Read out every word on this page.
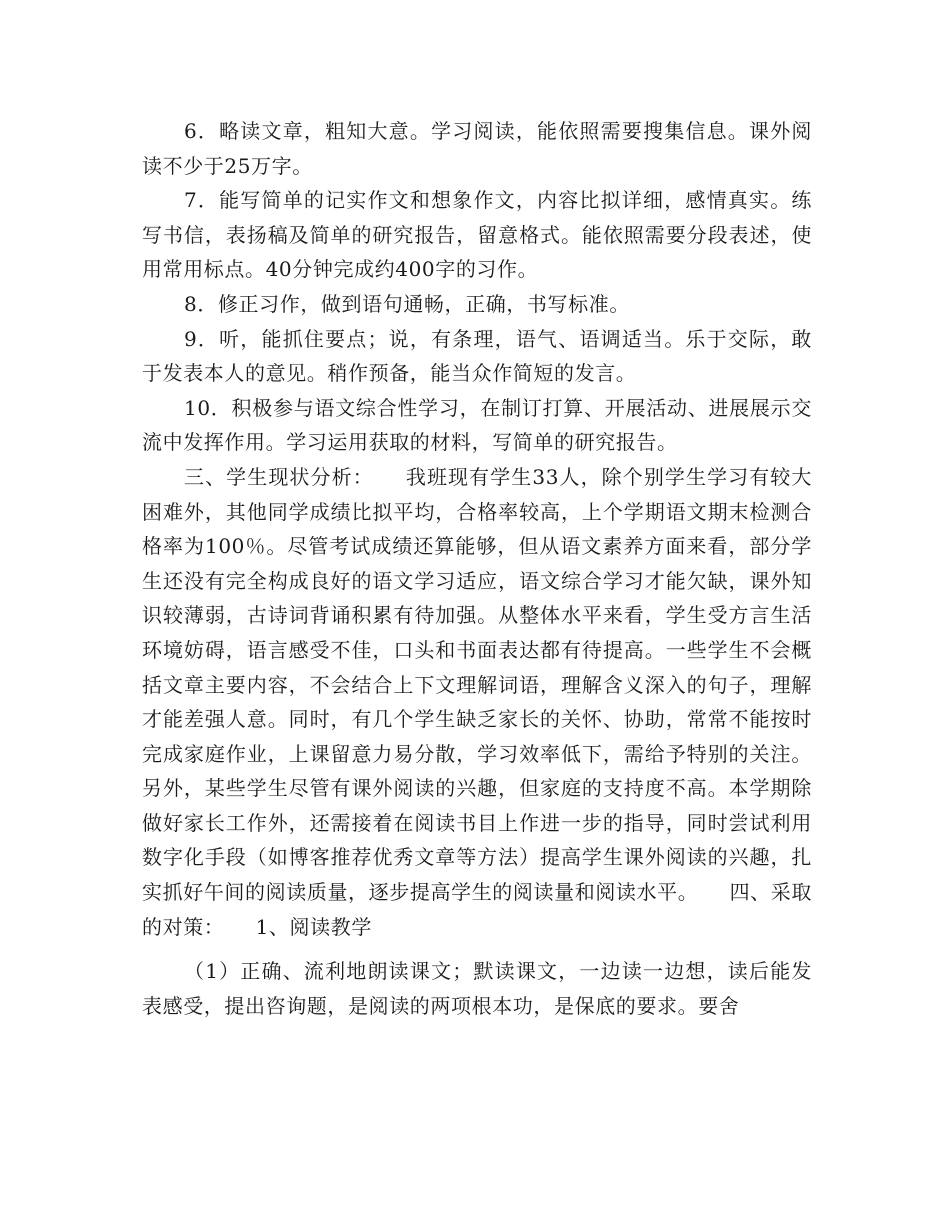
6．略读文章，粗知大意。学习阅读，能依照需要搜集信息。课外阅读不少于25万字。

7．能写简单的记实作文和想象作文，内容比拟详细，感情真实。练写书信，表扬稿及简单的研究报告，留意格式。能依照需要分段表述，使用常用标点。40分钟完成约400字的习作。

8．修正习作，做到语句通畅，正确，书写标准。

9．听，能抓住要点；说，有条理，语气、语调适当。乐于交际，敢于发表本人的意见。稍作预备，能当众作简短的发言。

10．积极参与语文综合性学习，在制订打算、开展活动、进展展示交流中发挥作用。学习运用获取的材料，写简单的研究报告。

三、学生现状分析：　　我班现有学生33人，除个别学生学习有较大困难外，其他同学成绩比拟平均，合格率较高，上个学期语文期末检测合格率为100％。尽管考试成绩还算能够，但从语文素养方面来看，部分学生还没有完全构成良好的语文学习适应，语文综合学习才能欠缺，课外知识较薄弱，古诗词背诵积累有待加强。从整体水平来看，学生受方言生活环境妨碍，语言感受不佳，口头和书面表达都有待提高。一些学生不会概括文章主要内容，不会结合上下文理解词语，理解含义深入的句子，理解才能差强人意。同时，有几个学生缺乏家长的关怀、协助，常常不能按时完成家庭作业，上课留意力易分散，学习效率低下，需给予特别的关注。另外，某些学生尽管有课外阅读的兴趣，但家庭的支持度不高。本学期除做好家长工作外，还需接着在阅读书目上作进一步的指导，同时尝试利用数字化手段（如博客推荐优秀文章等方法）提高学生课外阅读的兴趣，扎实抓好午间的阅读质量，逐步提高学生的阅读量和阅读水平。　　四、采取的对策：　　1、阅读教学

（1）正确、流利地朗读课文；默读课文，一边读一边想，读后能发表感受，提出咨询题，是阅读的两项根本功，是保底的要求。要舍
